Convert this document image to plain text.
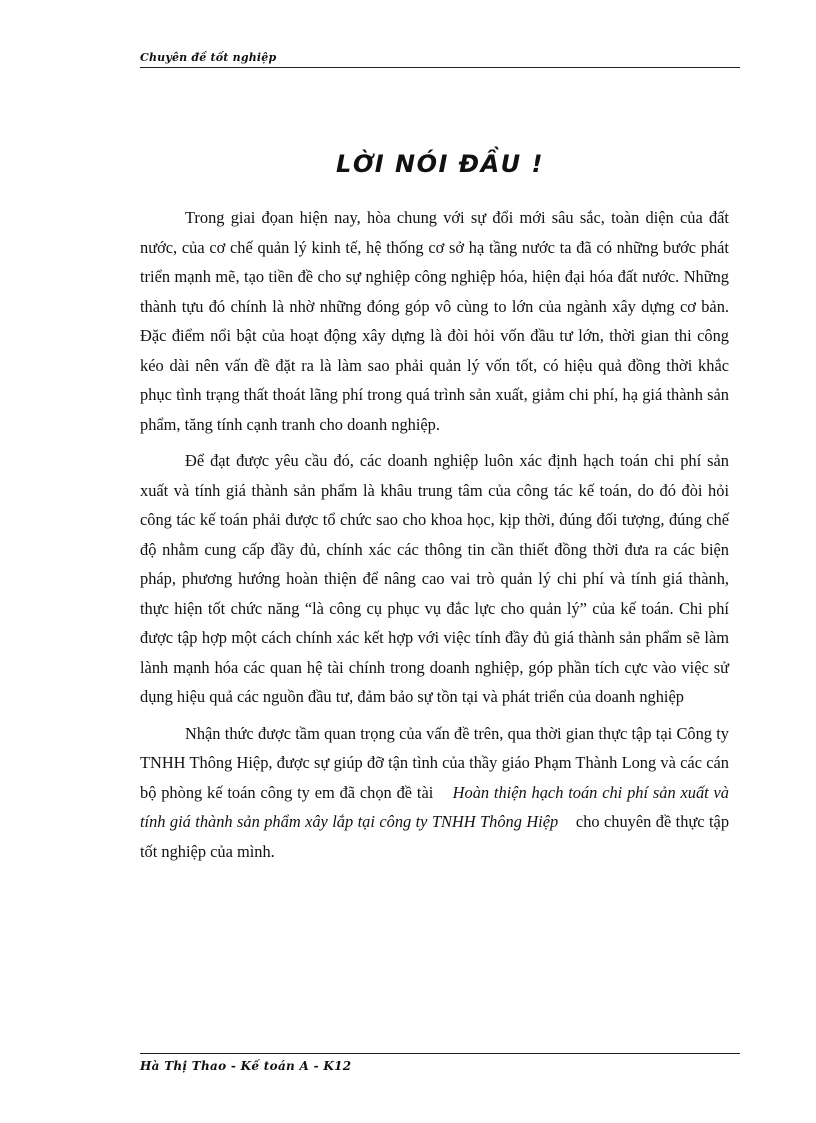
Chuyên đề tốt nghiệp
LỜI NÓI ĐẦU !

Trong giai đọan hiện nay, hòa chung với sự đổi mới sâu sắc, toàn diện của đất nước, của cơ chế quản lý kinh tế, hệ thống cơ sở hạ tầng nước ta đã có những bước phát triển mạnh mẽ, tạo tiền đề cho sự nghiệp công nghiệp hóa, hiện đại hóa đất nước. Những thành tựu đó chính là nhờ những đóng góp vô cùng to lớn của ngành xây dựng cơ bản. Đặc điểm nổi bật của hoạt động xây dựng là đòi hỏi vốn đầu tư lớn, thời gian thi công kéo dài nên vấn đề đặt ra là làm sao phải quản lý vốn tốt, có hiệu quả đồng thời khắc phục tình trạng thất thoát lãng phí trong quá trình sản xuất, giảm chi phí, hạ giá thành sản phẩm, tăng tính cạnh tranh cho doanh nghiệp.

Để đạt được yêu cầu đó, các doanh nghiệp luôn xác định hạch toán chi phí sản xuất và tính giá thành sản phẩm là khâu trung tâm của công tác kế toán, do đó đòi hỏi công tác kế toán phải được tổ chức sao cho khoa học, kịp thời, đúng đối tượng, đúng chế độ nhằm cung cấp đầy đủ, chính xác các thông tin cần thiết đồng thời đưa ra các biện pháp, phương hướng hoàn thiện để nâng cao vai trò quản lý chi phí và tính giá thành, thực hiện tốt chức năng “là công cụ phục vụ đắc lực cho quản lý” của kế toán. Chi phí được tập hợp một cách chính xác kết hợp với việc tính đầy đủ giá thành sản phẩm sẽ làm lành mạnh hóa các quan hệ tài chính trong doanh nghiệp, góp phần tích cực vào việc sử dụng hiệu quả các nguồn đầu tư, đảm bảo sự tồn tại và phát triển của doanh nghiệp

Nhận thức được tầm quan trọng của vấn đề trên, qua thời gian thực tập tại Công ty TNHH Thông Hiệp, được sự giúp đỡ tận tình của thầy giáo Phạm Thành Long và các cán bộ phòng kế toán công ty em đã chọn đề tài Hoàn thiện hạch toán chi phí sản xuất và tính giá thành sản phẩm xây lắp tại công ty TNHH Thông Hiệp cho chuyên đề thực tập tốt nghiệp của mình.

Hà Thị Thao - Kế toán A - K12
